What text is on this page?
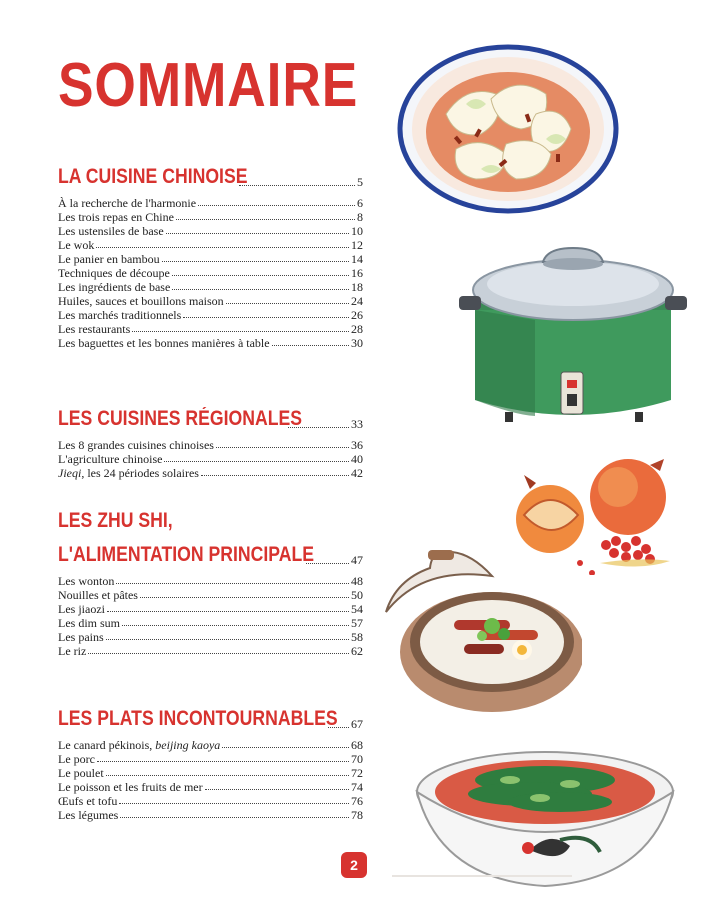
SOMMAIRE
LA CUISINE CHINOISE	5
À la recherche de l'harmonie	6
Les trois repas en Chine	8
Les ustensiles de base	10
Le wok	12
Le panier en bambou	14
Techniques de découpe	16
Les ingrédients de base	18
Huiles, sauces et bouillons maison	24
Les marchés traditionnels	26
Les restaurants	28
Les baguettes et les bonnes manières à table	30
LES CUISINES RÉGIONALES	33
Les 8 grandes cuisines chinoises	36
L'agriculture chinoise	40
Jieqi, les 24 périodes solaires	42
LES ZHU SHI,
L'ALIMENTATION PRINCIPALE	47
Les wonton	48
Nouilles et pâtes	50
Les jiaozi	54
Les dim sum	57
Les pains	58
Le riz	62
LES PLATS INCONTOURNABLES 67
Le canard pékinois, beijing kaoya	68
Le porc	70
Le poulet	72
Le poisson et les fruits de mer	74
Œufs et tofu	76
Les légumes	78
2
